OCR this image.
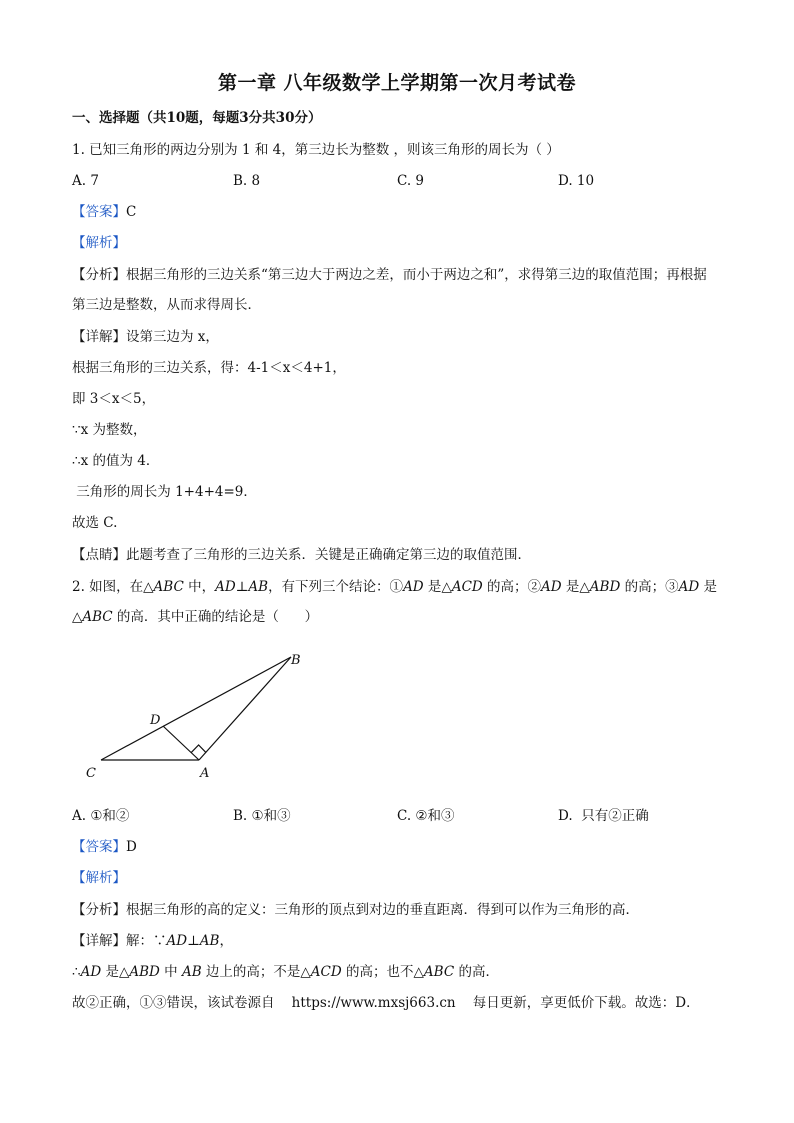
第一章 八年级数学上学期第一次月考试卷
一、选择题（共10题，每题3分共30分）
1. 已知三角形的两边分别为 1 和 4，第三边长为整数 ，则该三角形的周长为（ ）
A. 7	B. 8	C. 9	D. 10
【答案】C
【解析】
【分析】根据三角形的三边关系“第三边大于两边之差，而小于两边之和”，求得第三边的取值范围；再根据
第三边是整数，从而求得周长．
【详解】设第三边为 x，
根据三角形的三边关系，得：4-1＜x＜4+1，
即 3＜x＜5，
∵x 为整数，
∴x 的值为 4．
三角形的周长为 1+4+4=9．
故选 C.
【点睛】此题考查了三角形的三边关系．关键是正确确定第三边的取值范围．
2. 如图，在△ABC 中，AD⊥AB，有下列三个结论：①AD 是△ACD 的高；②AD 是△ABD 的高；③AD 是
△ABC 的高．其中正确的结论是（      ）
B
D
C	A
A. ①和②	B. ①和③	C. ②和③	D.  只有②正确
【答案】D
【解析】
【分析】根据三角形的高的定义：三角形的顶点到对边的垂直距离．得到可以作为三角形的高．
【详解】解：∵AD⊥AB，
∴AD 是△ABD 中 AB 边上的高；不是△ACD 的高；也不△ABC 的高．
故②正确，①③错误，该试卷源自    https://www.mxsj663.cn    每日更新，享更低价下载。故选：D．
